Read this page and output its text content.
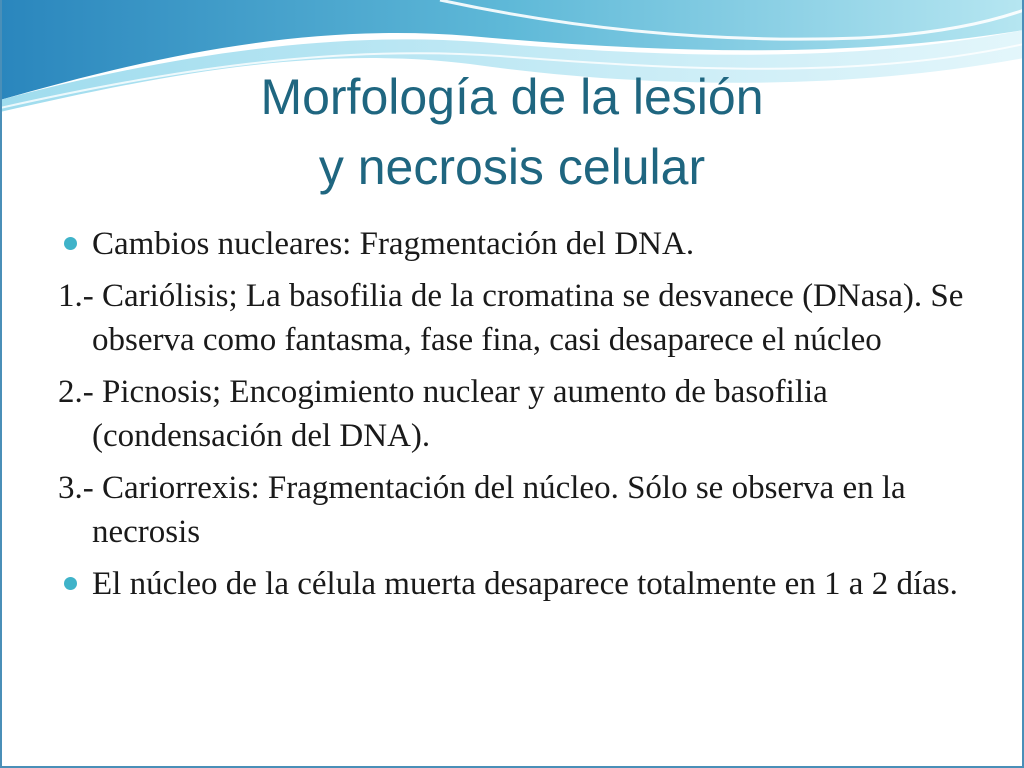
Morfología de la lesión
y necrosis celular
Cambios nucleares: Fragmentación del DNA.
1.- Cariólisis; La basofilia de la cromatina se desvanece (DNasa). Se observa como fantasma, fase fina, casi desaparece el núcleo
2.- Picnosis; Encogimiento nuclear y aumento de basofilia (condensación del DNA).
3.- Cariorrexis: Fragmentación del núcleo. Sólo se observa en la necrosis
El núcleo de la célula muerta desaparece totalmente en 1 a 2 días.
